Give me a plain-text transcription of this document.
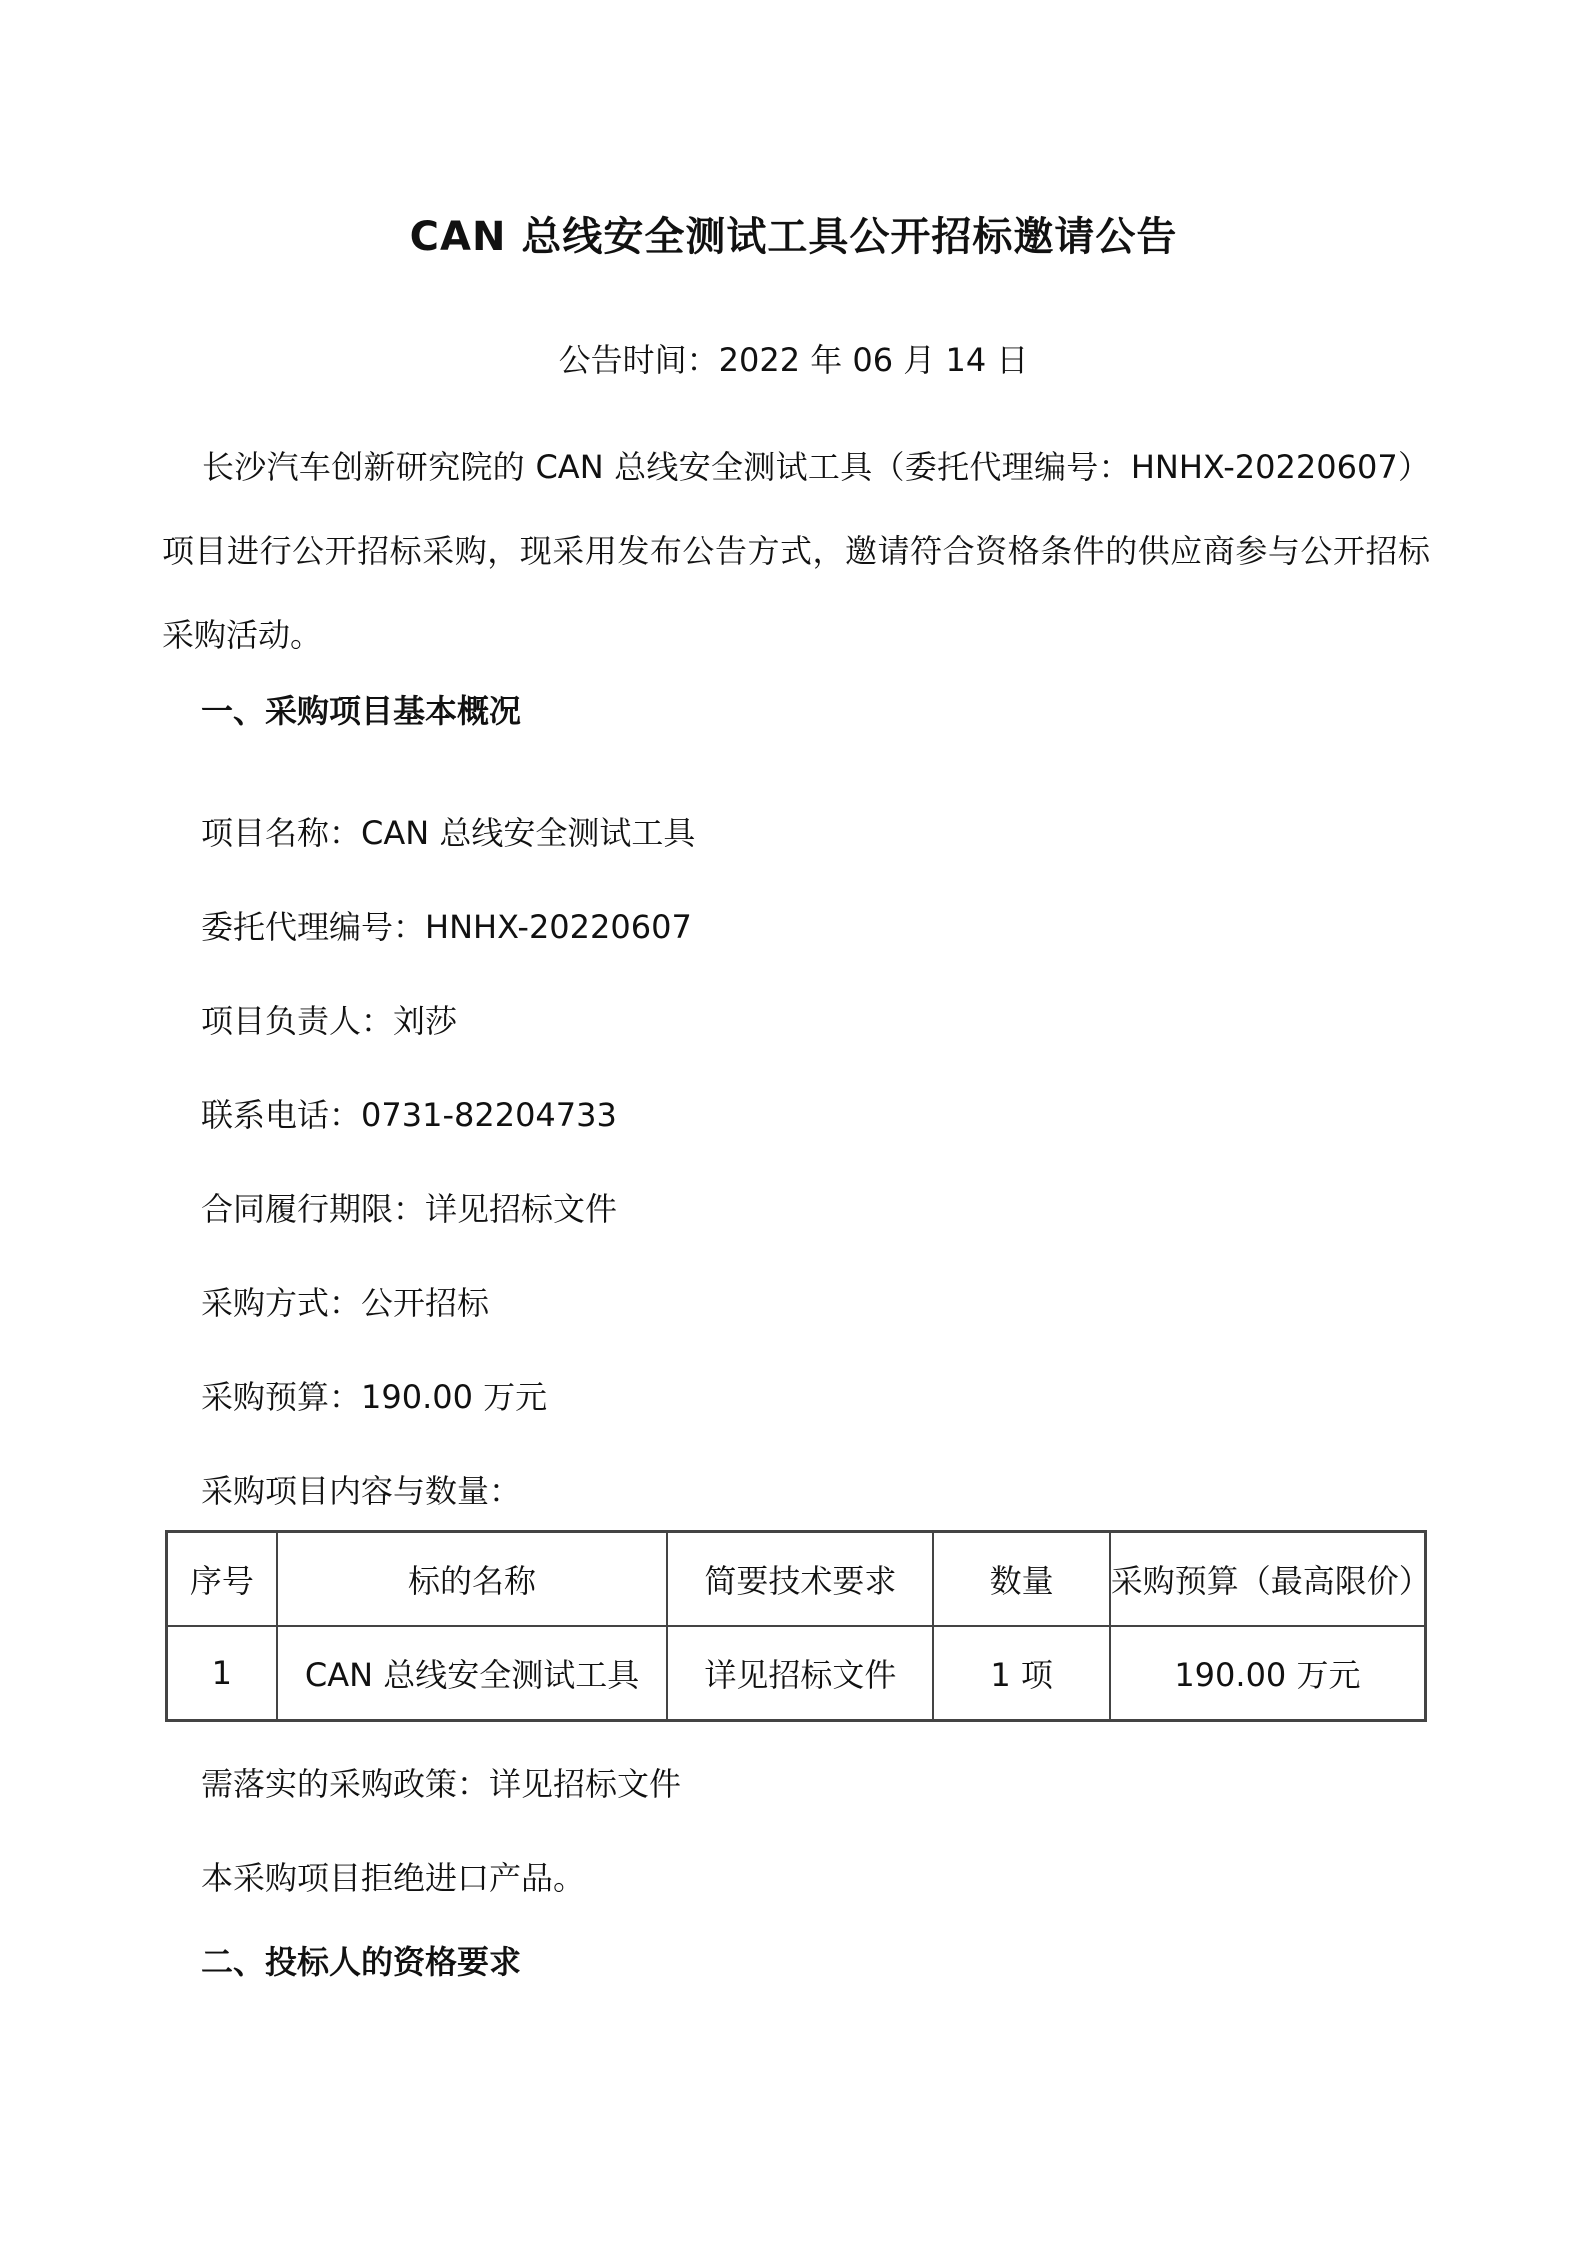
CAN 总线安全测试工具公开招标邀请公告
公告时间：2022 年 06 月 14 日

长沙汽车创新研究院的 CAN 总线安全测试工具（委托代理编号：HNHX-20220607）项目进行公开招标采购，现采用发布公告方式，邀请符合资格条件的供应商参与公开招标采购活动。

一、采购项目基本概况
项目名称：CAN 总线安全测试工具
委托代理编号：HNHX-20220607
项目负责人：刘莎
联系电话：0731-82204733
合同履行期限：详见招标文件
采购方式：公开招标
采购预算：190.00 万元
采购项目内容与数量：
序号	标的名称	简要技术要求	数量	采购预算（最高限价）
1	CAN 总线安全测试工具	详见招标文件	1 项	190.00 万元
需落实的采购政策：详见招标文件
本采购项目拒绝进口产品。
二、投标人的资格要求
